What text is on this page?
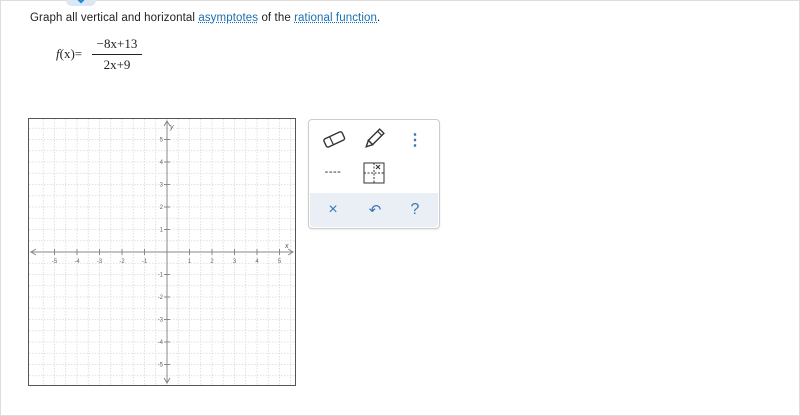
Graph all vertical and horizontal asymptotes of the rational function.
$f(x)= \frac{-8x+13}{2x+9}$
x
y
-5	-4	-3	-2	-1	1	2	3	4	5
5
4
3
2
1
-1
-2
-3
-4
-5
⋮
----
×	↶	?
